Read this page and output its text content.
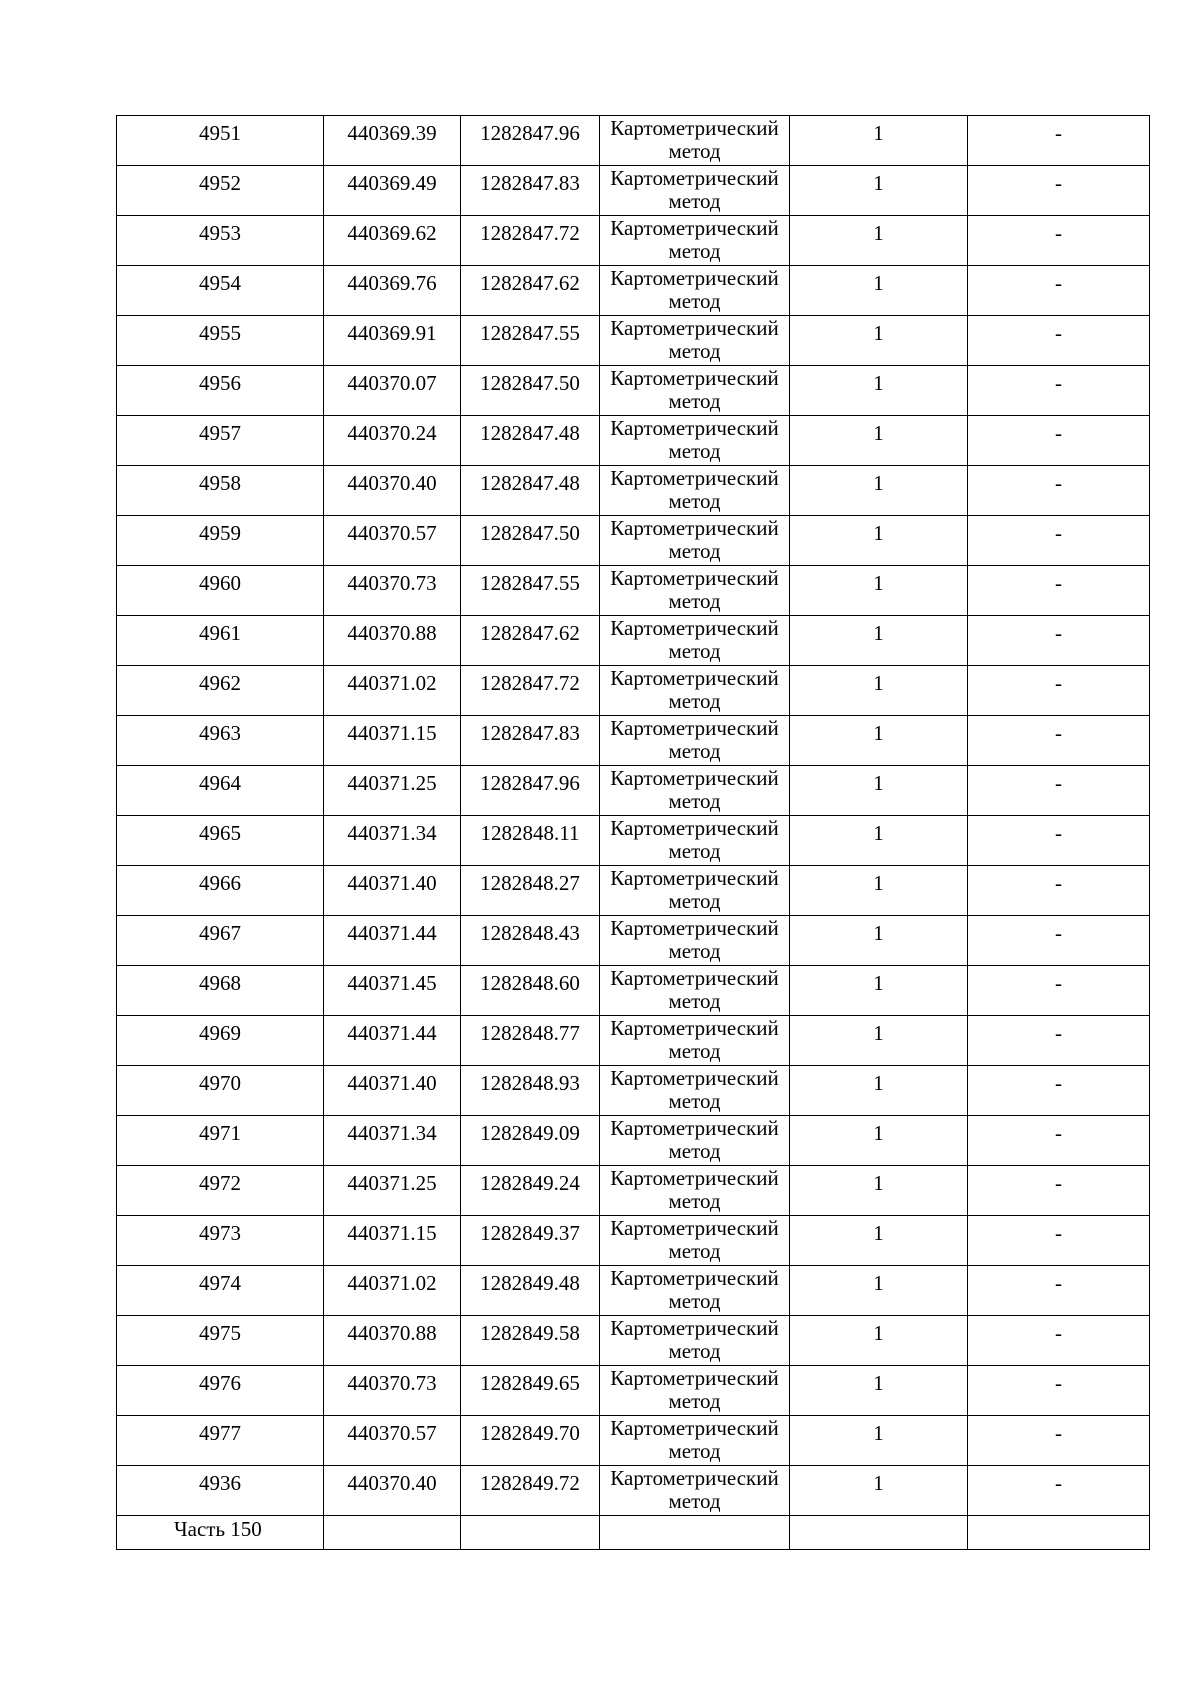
4951	440369.39	1282847.96	Картометрический метод	1	-
4952	440369.49	1282847.83	Картометрический метод	1	-
4953	440369.62	1282847.72	Картометрический метод	1	-
4954	440369.76	1282847.62	Картометрический метод	1	-
4955	440369.91	1282847.55	Картометрический метод	1	-
4956	440370.07	1282847.50	Картометрический метод	1	-
4957	440370.24	1282847.48	Картометрический метод	1	-
4958	440370.40	1282847.48	Картометрический метод	1	-
4959	440370.57	1282847.50	Картометрический метод	1	-
4960	440370.73	1282847.55	Картометрический метод	1	-
4961	440370.88	1282847.62	Картометрический метод	1	-
4962	440371.02	1282847.72	Картометрический метод	1	-
4963	440371.15	1282847.83	Картометрический метод	1	-
4964	440371.25	1282847.96	Картометрический метод	1	-
4965	440371.34	1282848.11	Картометрический метод	1	-
4966	440371.40	1282848.27	Картометрический метод	1	-
4967	440371.44	1282848.43	Картометрический метод	1	-
4968	440371.45	1282848.60	Картометрический метод	1	-
4969	440371.44	1282848.77	Картометрический метод	1	-
4970	440371.40	1282848.93	Картометрический метод	1	-
4971	440371.34	1282849.09	Картометрический метод	1	-
4972	440371.25	1282849.24	Картометрический метод	1	-
4973	440371.15	1282849.37	Картометрический метод	1	-
4974	440371.02	1282849.48	Картометрический метод	1	-
4975	440370.88	1282849.58	Картометрический метод	1	-
4976	440370.73	1282849.65	Картометрический метод	1	-
4977	440370.57	1282849.70	Картометрический метод	1	-
4936	440370.40	1282849.72	Картометрический метод	1	-
Часть 150					
